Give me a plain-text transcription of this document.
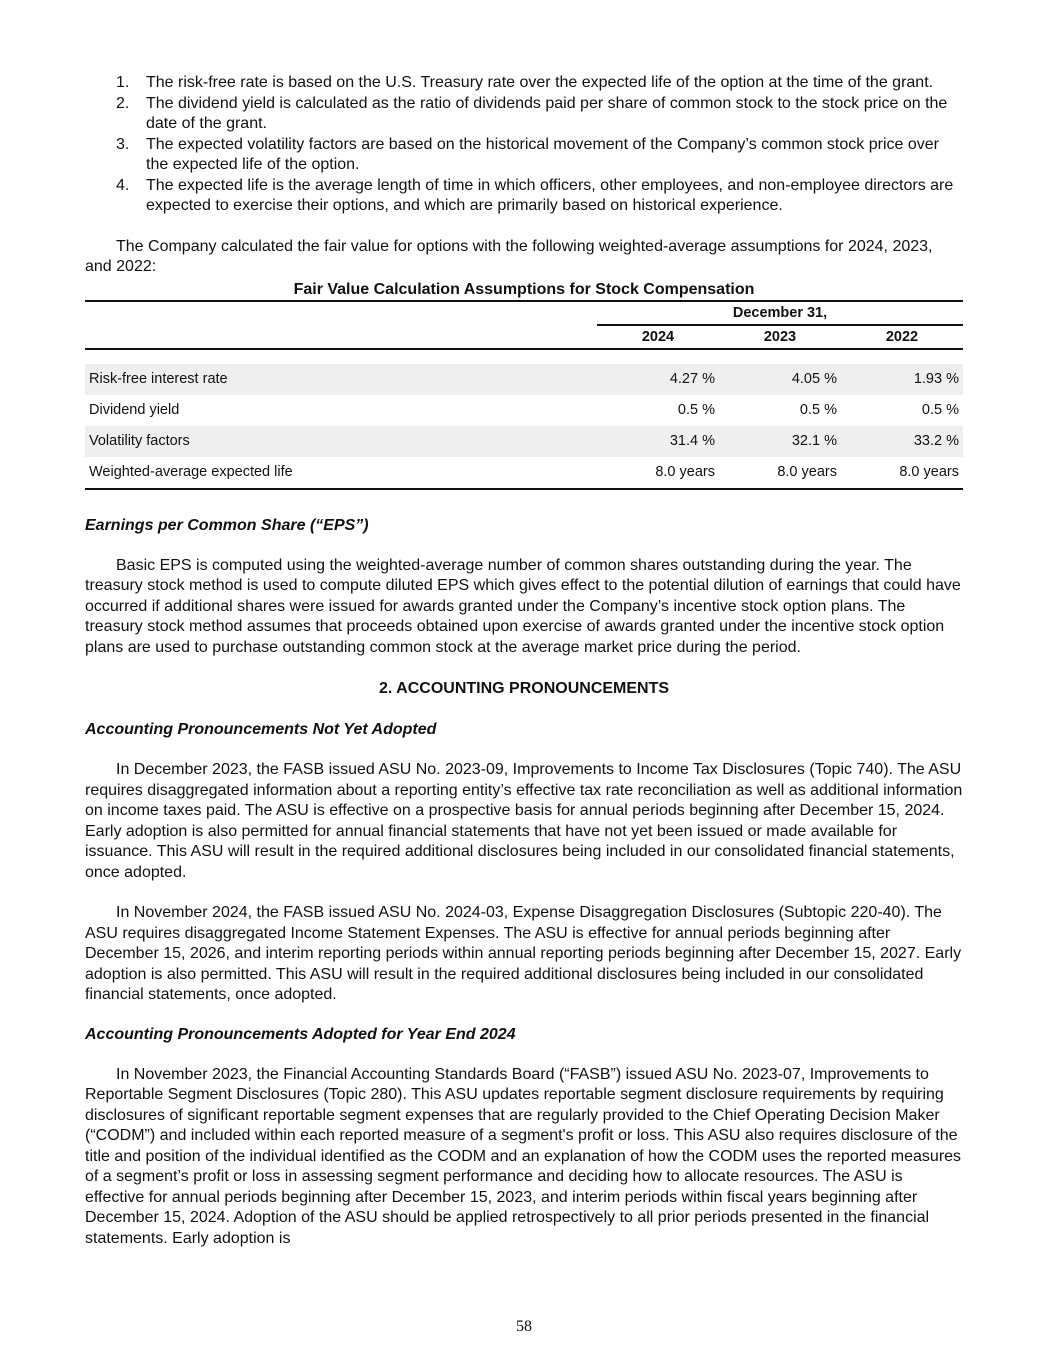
1. The risk-free rate is based on the U.S. Treasury rate over the expected life of the option at the time of the grant.
2. The dividend yield is calculated as the ratio of dividends paid per share of common stock to the stock price on the date of the grant.
3. The expected volatility factors are based on the historical movement of the Company’s common stock price over the expected life of the option.
4. The expected life is the average length of time in which officers, other employees, and non-employee directors are expected to exercise their options, and which are primarily based on historical experience.

The Company calculated the fair value for options with the following weighted-average assumptions for 2024, 2023, and 2022:

Fair Value Calculation Assumptions for Stock Compensation
	December 31,		
	2024	2023	2022

Risk-free interest rate	4.27 %	4.05 %	1.93 %
Dividend yield	0.5 %	0.5 %	0.5 %
Volatility factors	31.4 %	32.1 %	33.2 %
Weighted-average expected life	8.0 years	8.0 years	8.0 years

Earnings per Common Share (“EPS”)

Basic EPS is computed using the weighted-average number of common shares outstanding during the year. The treasury stock method is used to compute diluted EPS which gives effect to the potential dilution of earnings that could have occurred if additional shares were issued for awards granted under the Company’s incentive stock option plans. The treasury stock method assumes that proceeds obtained upon exercise of awards granted under the incentive stock option plans are used to purchase outstanding common stock at the average market price during the period.

2. ACCOUNTING PRONOUNCEMENTS
Accounting Pronouncements Not Yet Adopted

In December 2023, the FASB issued ASU No. 2023-09, Improvements to Income Tax Disclosures (Topic 740). The ASU requires disaggregated information about a reporting entity’s effective tax rate reconciliation as well as additional information on income taxes paid. The ASU is effective on a prospective basis for annual periods beginning after December 15, 2024. Early adoption is also permitted for annual financial statements that have not yet been issued or made available for issuance. This ASU will result in the required additional disclosures being included in our consolidated financial statements, once adopted.

In November 2024, the FASB issued ASU No. 2024-03, Expense Disaggregation Disclosures (Subtopic 220-40). The ASU requires disaggregated Income Statement Expenses. The ASU is effective for annual periods beginning after December 15, 2026, and interim reporting periods within annual reporting periods beginning after December 15, 2027. Early adoption is also permitted. This ASU will result in the required additional disclosures being included in our consolidated financial statements, once adopted.

Accounting Pronouncements Adopted for Year End 2024

In November 2023, the Financial Accounting Standards Board (“FASB”) issued ASU No. 2023-07, Improvements to Reportable Segment Disclosures (Topic 280). This ASU updates reportable segment disclosure requirements by requiring disclosures of significant reportable segment expenses that are regularly provided to the Chief Operating Decision Maker (“CODM”) and included within each reported measure of a segment's profit or loss. This ASU also requires disclosure of the title and position of the individual identified as the CODM and an explanation of how the CODM uses the reported measures of a segment’s profit or loss in assessing segment performance and deciding how to allocate resources. The ASU is effective for annual periods beginning after December 15, 2023, and interim periods within fiscal years beginning after December 15, 2024. Adoption of the ASU should be applied retrospectively to all prior periods presented in the financial statements. Early adoption is

58
